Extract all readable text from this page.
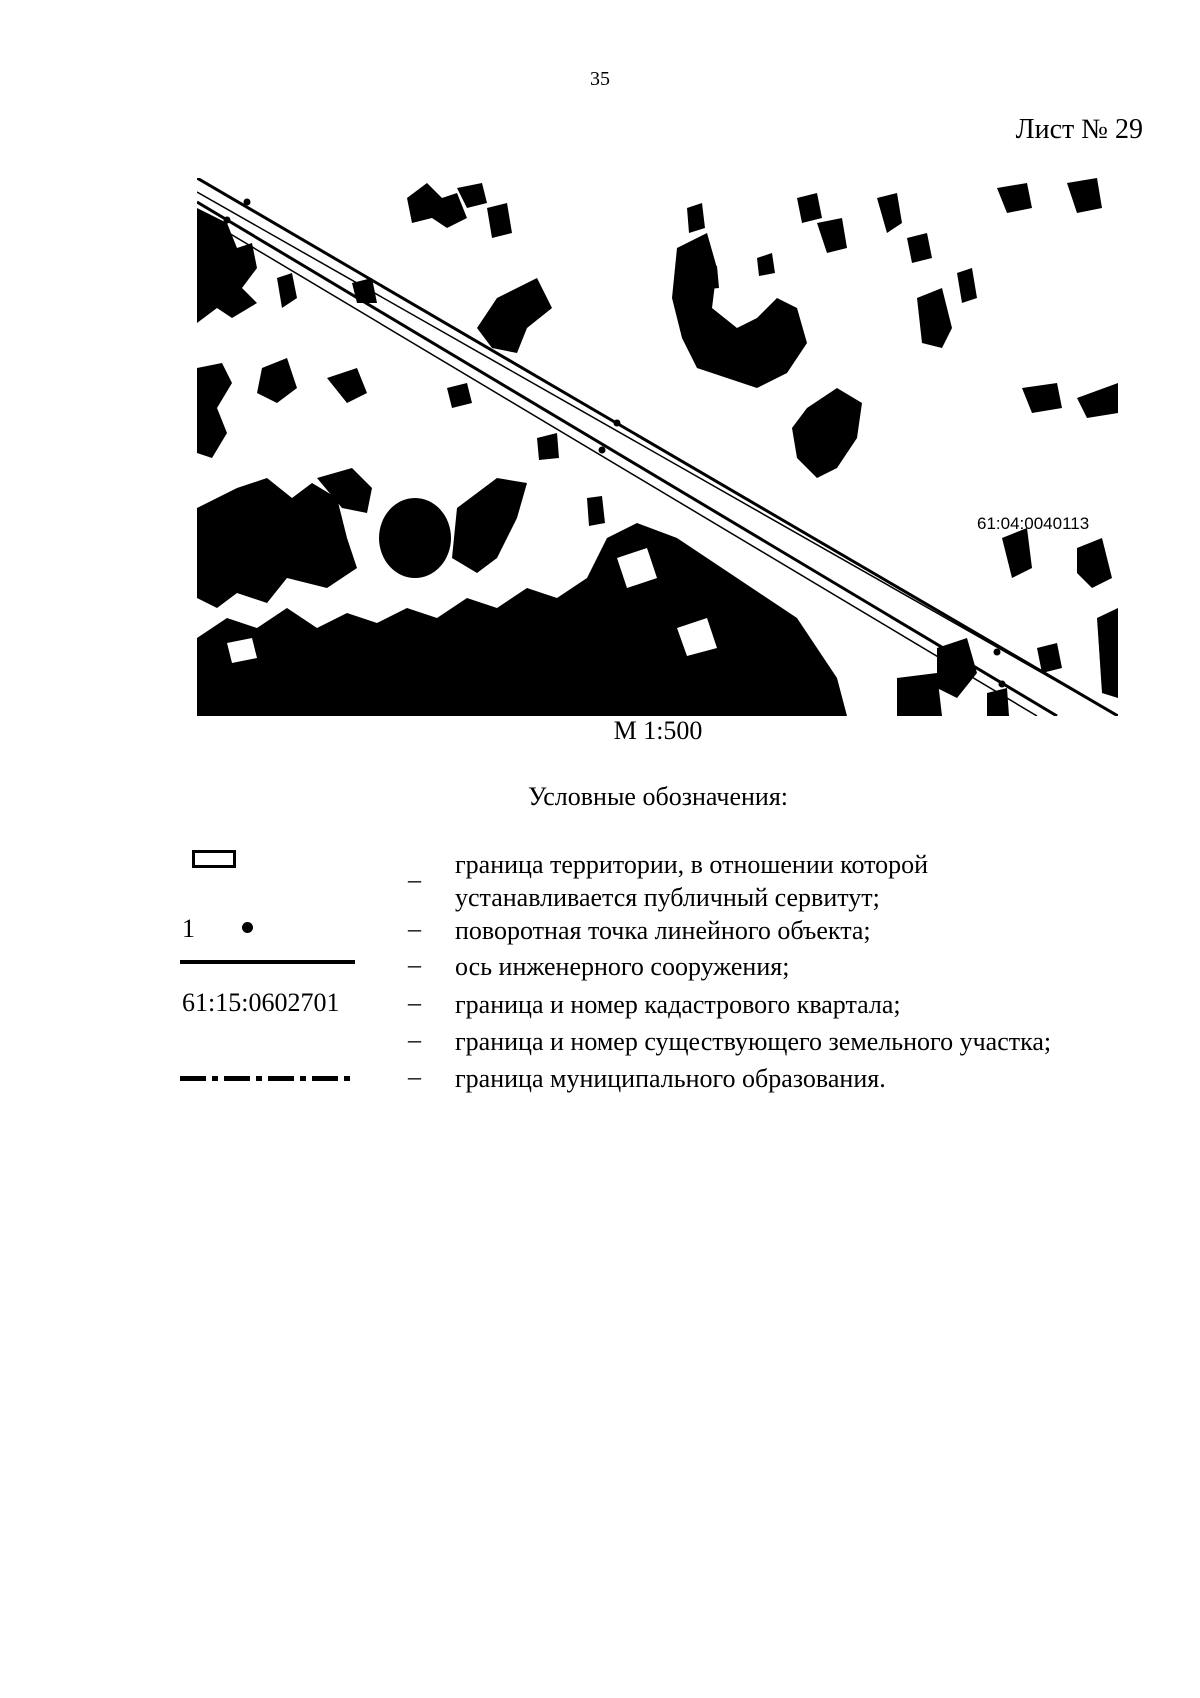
35
Лист № 29
61:04:0040113
М 1:500
Условные обозначения:
–
граница территории, в отношении которой
устанавливается публичный сервитут;
1	– поворотная точка линейного объекта;
– ось инженерного сооружения;
61:15:0602701	– граница и номер кадастрового квартала;
– граница и номер существующего земельного участка;
– граница муниципального образования.
